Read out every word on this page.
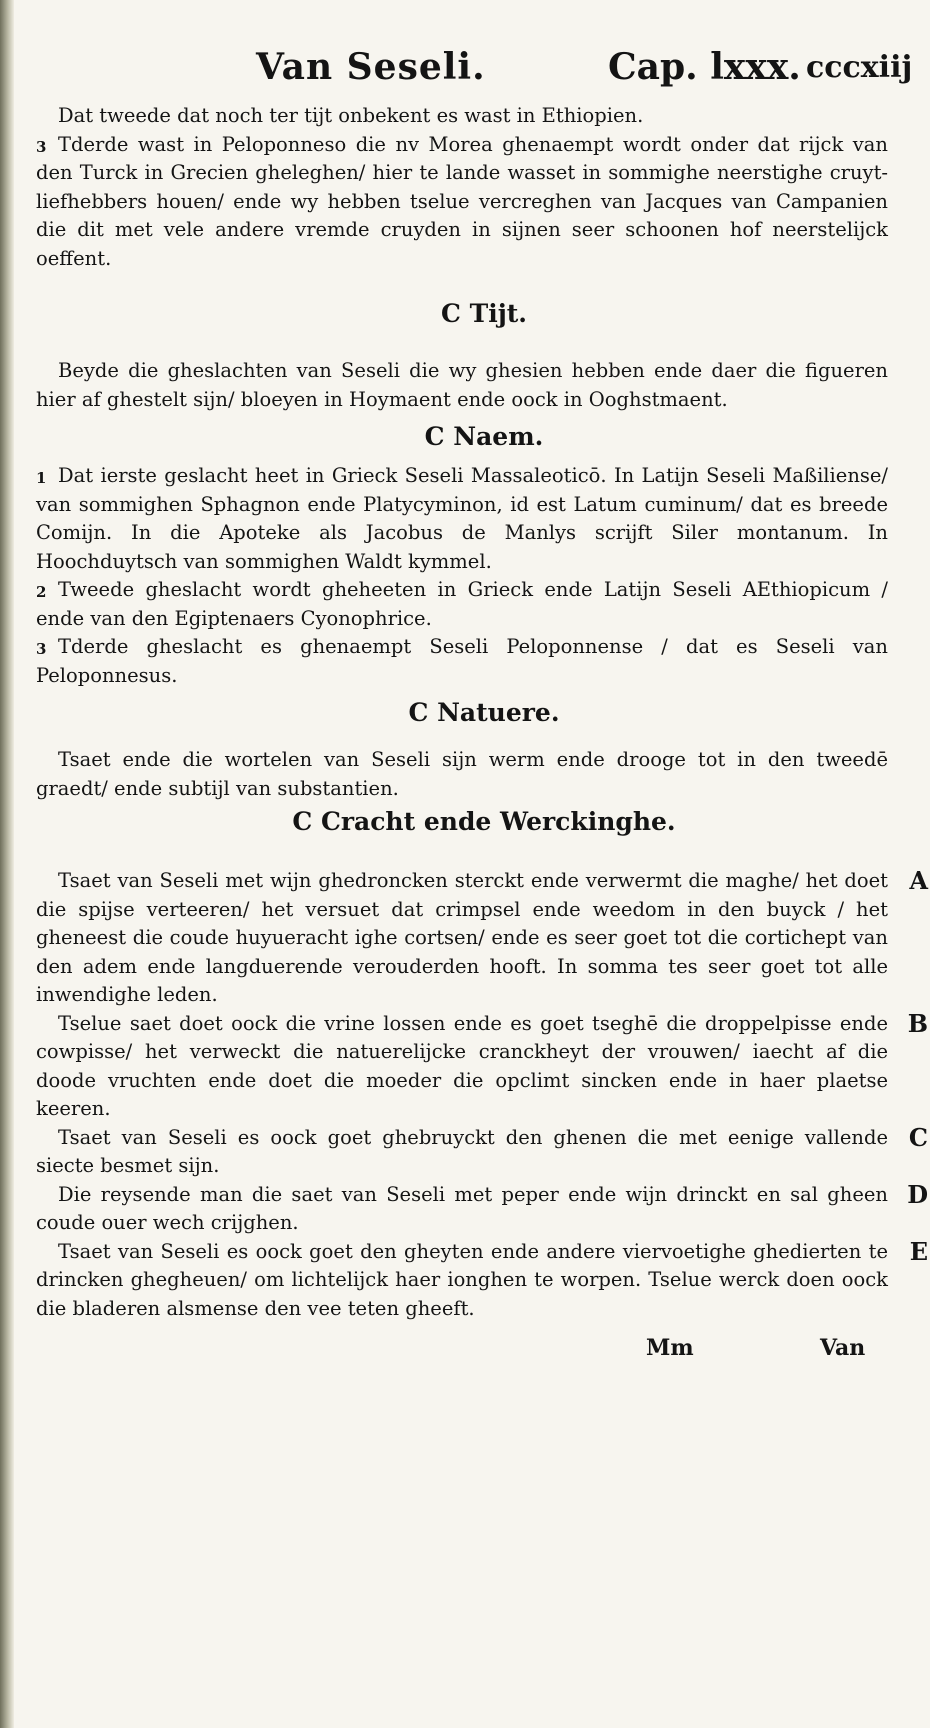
Van Seseli.	Cap. lxxx. cccxiij

Dat tweede dat noch ter tijt onbekent es wast in Ethiopien.

3 Tderde wast in Peloponneso die nv Morea ghenaempt wordt onder dat rijck van den Turck in Grecien gheleghen/ hier te lande wasset in sommighe neerstighe cruyt-liefhebbers houen/ ende wy hebben tselue vercreghen van Jacques van Campanien die dit met vele andere vremde cruyden in sijnen seer schoonen hof neerstelijck oeffent.

C Tijt.

Beyde die gheslachten van Seseli die wy ghesien hebben ende daer die figueren hier af ghestelt sijn/ bloeyen in Hoymaent ende oock in Ooghstmaent.

C Naem.

1 Dat ierste geslacht heet in Grieck Seseli Massaleoticō. In Latijn Seseli Maßiliense/ van sommighen Sphagnon ende Platycyminon, id est Latum cuminum/ dat es breede Comijn. In die Apoteke als Jacobus de Manlys scrijft Siler montanum. In Hoochduytsch van sommighen Waldt kymmel.

2 Tweede gheslacht wordt gheheeten in Grieck ende Latijn Seseli AEthiopicum / ende van den Egiptenaers Cyonophrice.

3 Tderde gheslacht es ghenaempt Seseli Peloponnense / dat es Seseli van Peloponnesus.

C Natuere.

Tsaet ende die wortelen van Seseli sijn werm ende drooge tot in den tweedē graedt/ ende subtijl van substantien.

C Cracht ende Werckinghe.

A
Tsaet van Seseli met wijn ghedroncken sterckt ende verwermt die maghe/ het doet die spijse verteeren/ het versuet dat crimpsel ende weedom in den buyck / het gheneest die coude huyueracht ighe cortsen/ ende es seer goet tot die cortichept van den adem ende langduerende verouderden hooft. In somma tes seer goet tot alle inwendighe leden.

B
Tselue saet doet oock die vrine lossen ende es goet tseghē die droppelpisse ende cowpisse/ het verweckt die natuerelijcke cranckheyt der vrouwen/ iaecht af die doode vruchten ende doet die moeder die opclimt sincken ende in haer plaetse keeren.

C
Tsaet van Seseli es oock goet ghebruyckt den ghenen die met eenige vallende siecte besmet sijn.

D
Die reysende man die saet van Seseli met peper ende wijn drinckt en sal gheen coude ouer wech crijghen.

E
Tsaet van Seseli es oock goet den gheyten ende andere viervoetighe ghedierten te drincken ghegheuen/ om lichtelijck haer ionghen te worpen. Tselue werck doen oock die bladeren alsmense den vee teten gheeft.

Mm	Van
